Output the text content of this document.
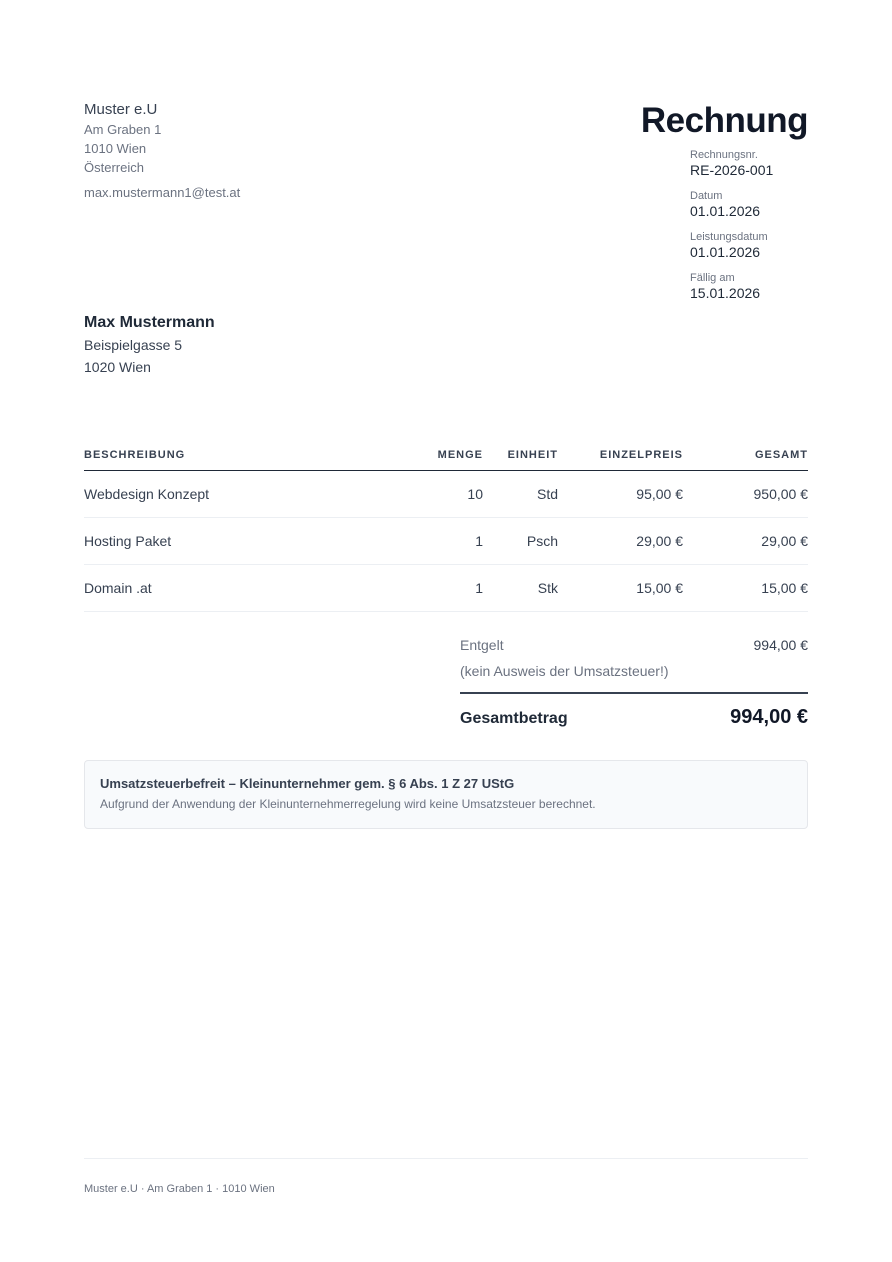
Muster e.U
Am Graben 1
1010 Wien
Österreich
max.mustermann1@test.at
Rechnung
Rechnungsnr.
RE-2026-001
Datum
01.01.2026
Leistungsdatum
01.01.2026
Fällig am
15.01.2026
Max Mustermann
Beispielgasse 5
1020 Wien
BESCHREIBUNG	MENGE	EINHEIT	EINZELPREIS	GESAMT
Webdesign Konzept	10	Std	95,00 €	950,00 €
Hosting Paket	1	Psch	29,00 €	29,00 €
Domain .at	1	Stk	15,00 €	15,00 €
Entgelt	994,00 €
(kein Ausweis der Umsatzsteuer!)
Gesamtbetrag	994,00 €
Umsatzsteuerbefreit – Kleinunternehmer gem. § 6 Abs. 1 Z 27 UStG
Aufgrund der Anwendung der Kleinunternehmerregelung wird keine Umsatzsteuer berechnet.
Muster e.U · Am Graben 1 · 1010 Wien
